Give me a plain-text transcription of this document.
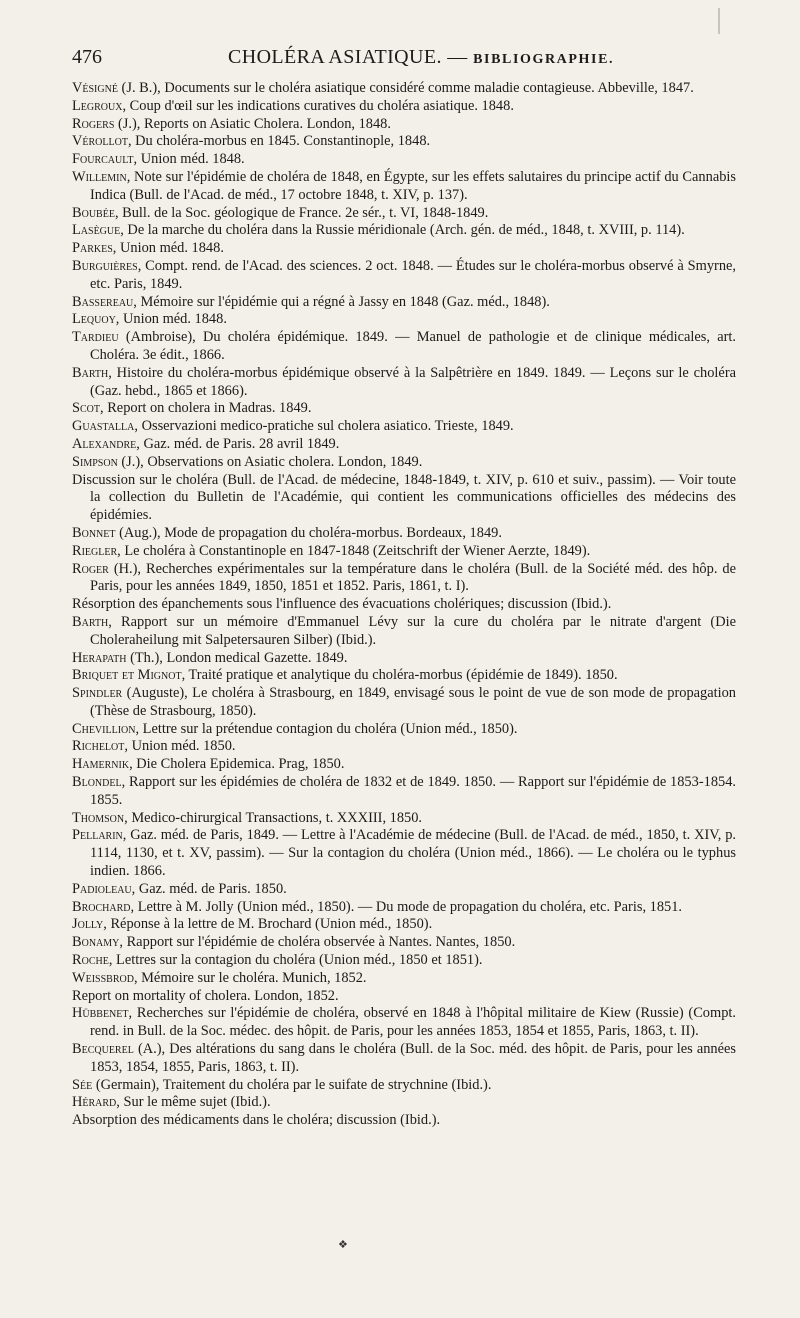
476	CHOLÉRA ASIATIQUE. — BIBLIOGRAPHIE.
Vésigné (J. B.), Documents sur le choléra asiatique considéré comme maladie contagieuse. Abbeville, 1847.
Legroux, Coup d'œil sur les indications curatives du choléra asiatique. 1848.
Rogers (J.), Reports on Asiatic Cholera. London, 1848.
Vérollot, Du choléra-morbus en 1845. Constantinople, 1848.
Fourcault, Union méd. 1848.
Willemin, Note sur l'épidémie de choléra de 1848, en Égypte, sur les effets salutaires du principe actif du Cannabis Indica (Bull. de l'Acad. de méd., 17 octobre 1848, t. XIV, p. 137).
Boubée, Bull. de la Soc. géologique de France. 2e sér., t. VI, 1848-1849.
Lasègue, De la marche du choléra dans la Russie méridionale (Arch. gén. de méd., 1848, t. XVIII, p. 114).
Parkes, Union méd. 1848.
Burguières, Compt. rend. de l'Acad. des sciences. 2 oct. 1848. — Études sur le choléra-morbus observé à Smyrne, etc. Paris, 1849.
Bassereau, Mémoire sur l'épidémie qui a régné à Jassy en 1848 (Gaz. méd., 1848).
Lequoy, Union méd. 1848.
Tardieu (Ambroise), Du choléra épidémique. 1849. — Manuel de pathologie et de clinique médicales, art. Choléra. 3e édit., 1866.
Barth, Histoire du choléra-morbus épidémique observé à la Salpêtrière en 1849. 1849. — Leçons sur le choléra (Gaz. hebd., 1865 et 1866).
Scot, Report on cholera in Madras. 1849.
Guastalla, Osservazioni medico-pratiche sul cholera asiatico. Trieste, 1849.
Alexandre, Gaz. méd. de Paris. 28 avril 1849.
Simpson (J.), Observations on Asiatic cholera. London, 1849.
Discussion sur le choléra (Bull. de l'Acad. de médecine, 1848-1849, t. XIV, p. 610 et suiv., passim). — Voir toute la collection du Bulletin de l'Académie, qui contient les communications officielles des médecins des épidémies.
Bonnet (Aug.), Mode de propagation du choléra-morbus. Bordeaux, 1849.
Riegler, Le choléra à Constantinople en 1847-1848 (Zeitschrift der Wiener Aerzte, 1849).
Roger (H.), Recherches expérimentales sur la température dans le choléra (Bull. de la Société méd. des hôp. de Paris, pour les années 1849, 1850, 1851 et 1852. Paris, 1861, t. I).
Résorption des épanchements sous l'influence des évacuations cholériques; discussion (Ibid.).
Barth, Rapport sur un mémoire d'Emmanuel Lévy sur la cure du choléra par le nitrate d'argent (Die Choleraheilung mit Salpetersauren Silber) (Ibid.).
Herapath (Th.), London medical Gazette. 1849.
Briquet et Mignot, Traité pratique et analytique du choléra-morbus (épidémie de 1849). 1850.
Spindler (Auguste), Le choléra à Strasbourg, en 1849, envisagé sous le point de vue de son mode de propagation (Thèse de Strasbourg, 1850).
Chevillion, Lettre sur la prétendue contagion du choléra (Union méd., 1850).
Richelot, Union méd. 1850.
Hamernik, Die Cholera Epidemica. Prag, 1850.
Blondel, Rapport sur les épidémies de choléra de 1832 et de 1849. 1850. — Rapport sur l'épidémie de 1853-1854. 1855.
Thomson, Medico-chirurgical Transactions, t. XXXIII, 1850.
Pellarin, Gaz. méd. de Paris, 1849. — Lettre à l'Académie de médecine (Bull. de l'Acad. de méd., 1850, t. XIV, p. 1114, 1130, et t. XV, passim). — Sur la contagion du choléra (Union méd., 1866). — Le choléra ou le typhus indien. 1866.
Padioleau, Gaz. méd. de Paris. 1850.
Brochard, Lettre à M. Jolly (Union méd., 1850). — Du mode de propagation du choléra, etc. Paris, 1851.
Jolly, Réponse à la lettre de M. Brochard (Union méd., 1850).
Bonamy, Rapport sur l'épidémie de choléra observée à Nantes. Nantes, 1850.
Roche, Lettres sur la contagion du choléra (Union méd., 1850 et 1851).
Weissbrod, Mémoire sur le choléra. Munich, 1852.
Report on mortality of cholera. London, 1852.
Hübbenet, Recherches sur l'épidémie de choléra, observé en 1848 à l'hôpital militaire de Kiew (Russie) (Compt. rend. in Bull. de la Soc. médec. des hôpit. de Paris, pour les années 1853, 1854 et 1855, Paris, 1863, t. II).
Becquerel (A.), Des altérations du sang dans le choléra (Bull. de la Soc. méd. des hôpit. de Paris, pour les années 1853, 1854, 1855, Paris, 1863, t. II).
Sée (Germain), Traitement du choléra par le suifate de strychnine (Ibid.).
Hérard, Sur le même sujet (Ibid.).
Absorption des médicaments dans le choléra; discussion (Ibid.).
❖
